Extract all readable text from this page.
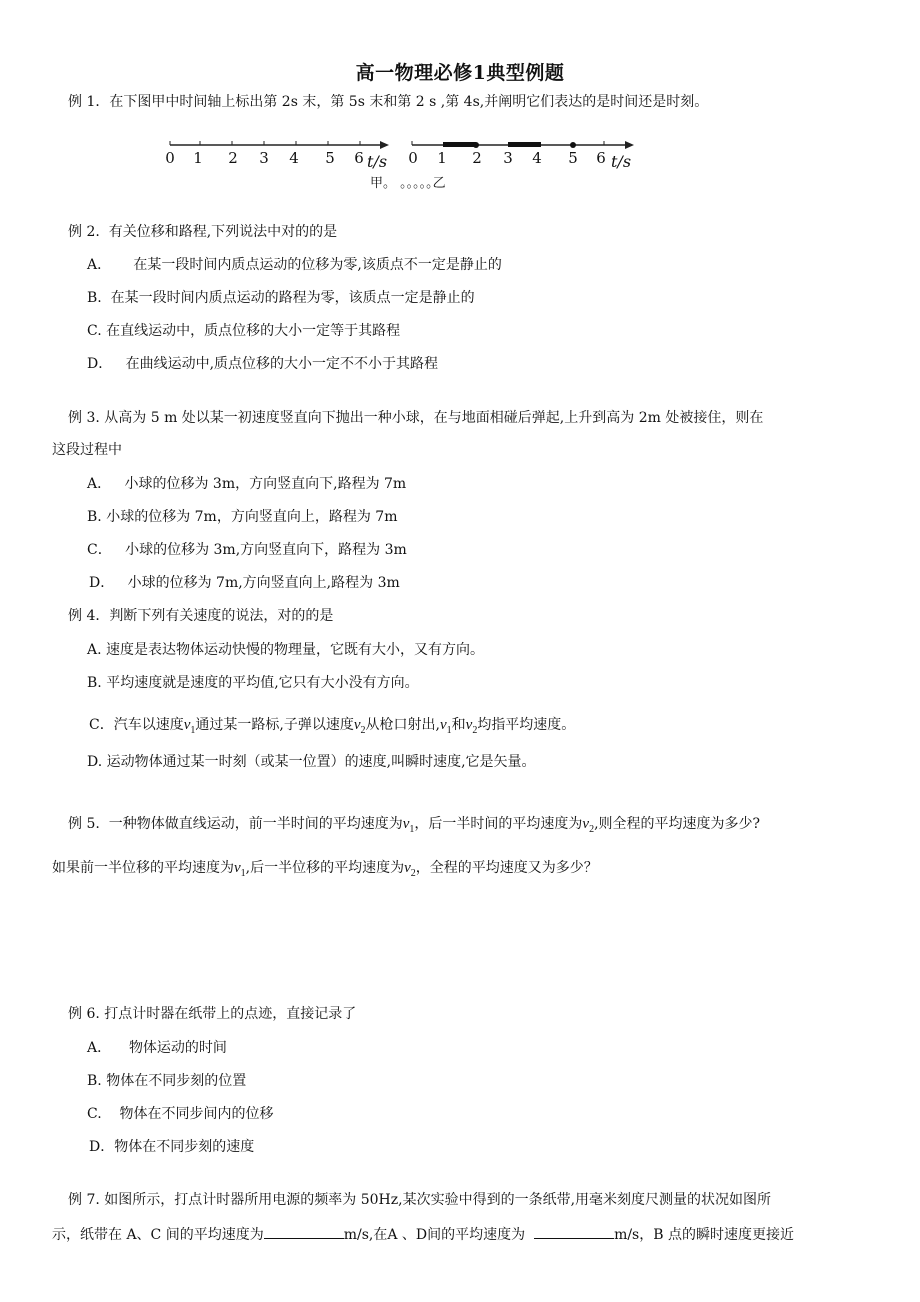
高一物理必修1典型例题
例 1．在下图甲中时间轴上标出第 2s 末，第 5s 末和第 2 s ,第 4s,并阐明它们表达的是时间还是时刻。
0 1 2 3 4 5 6 t/s 0 1 2 3 4 5 6 t/s
甲。 ｡｡｡｡｡乙
例 2. 有关位移和路程,下列说法中对的的是
A． 在某一段时间内质点运动的位移为零,该质点不一定是静止的
B. 在某一段时间内质点运动的路程为零，该质点一定是静止的
C. 在直线运动中，质点位移的大小一定等于其路程
D． 在曲线运动中,质点位移的大小一定不不小于其路程
例 3. 从高为 5 m 处以某一初速度竖直向下抛出一种小球，在与地面相碰后弹起,上升到高为 2m 处被接住，则在
这段过程中
A． 小球的位移为 3m，方向竖直向下,路程为 7m
B. 小球的位移为 7m，方向竖直向上，路程为 7m
C． 小球的位移为 3m,方向竖直向下，路程为 3m
D． 小球的位移为 7m,方向竖直向上,路程为 3m
例 4．判断下列有关速度的说法，对的的是
A. 速度是表达物体运动快慢的物理量，它既有大小，又有方向。
B. 平均速度就是速度的平均值,它只有大小没有方向。
C．汽车以速度$v_1$通过某一路标,子弹以速度$v_2$从枪口射出$,v_1$和$v_2$均指平均速度。
D. 运动物体通过某一时刻（或某一位置）的速度,叫瞬时速度,它是矢量。
例 5. 一种物体做直线运动，前一半时间的平均速度为$v_1$，后一半时间的平均速度为$v_2$,则全程的平均速度为多少?
如果前一半位移的平均速度为$v_1$,后一半位移的平均速度为$v_2$，全程的平均速度又为多少？
例 6. 打点计时器在纸带上的点迹，直接记录了
A． 物体运动的时间
B. 物体在不同步刻的位置
C. 物体在不同步间内的位移
D．物体在不同步刻的速度
例 7. 如图所示，打点计时器所用电源的频率为 50Hz,某次实验中得到的一条纸带,用毫米刻度尺测量的状况如图所
示，纸带在 A、C 间的平均速度为	m/s,在A 、D间的平均速度为	m/s，B 点的瞬时速度更接近
